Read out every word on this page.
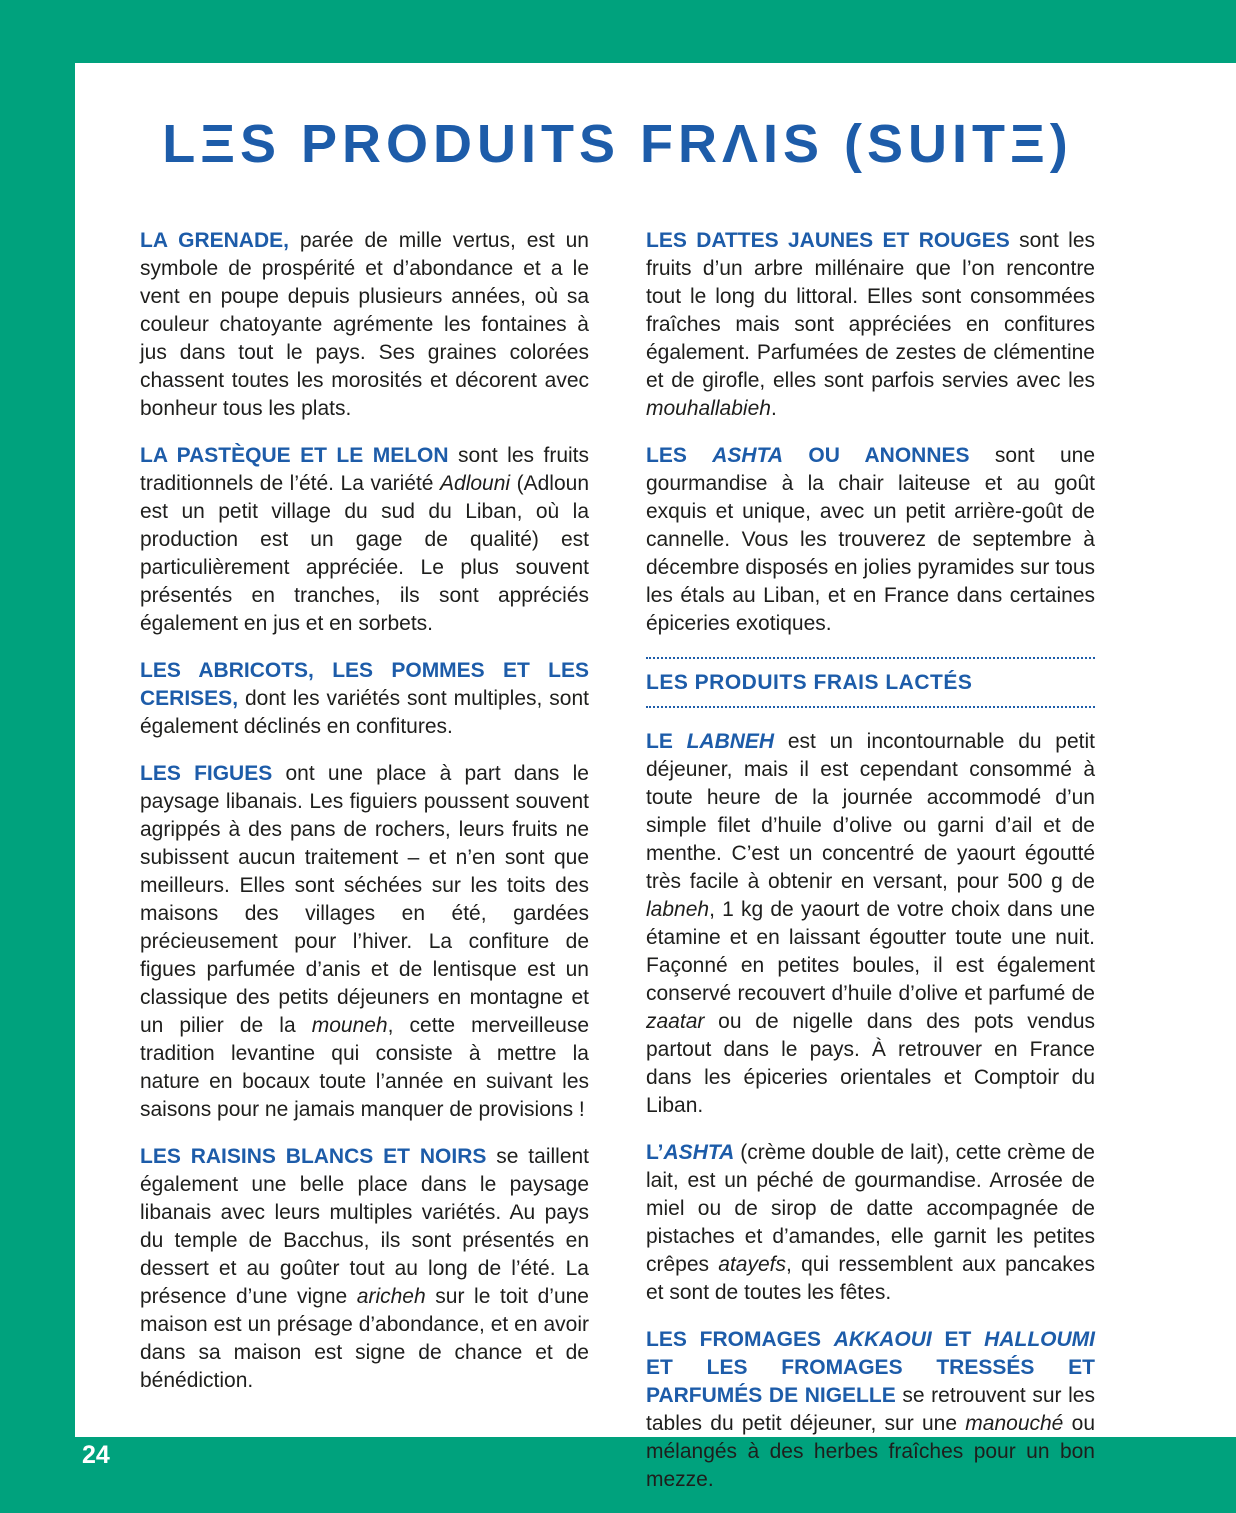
LΞS PRODUITS FRΛIS (SUITΞ)

LA GRENADE, parée de mille vertus, est un symbole de prospérité et d’abondance et a le vent en poupe depuis plusieurs années, où sa couleur chatoyante agrémente les fontaines à jus dans tout le pays. Ses graines colorées chassent toutes les morosités et décorent avec bonheur tous les plats.

LA PASTÈQUE ET LE MELON sont les fruits traditionnels de l’été. La variété Adlouni (Adloun est un petit village du sud du Liban, où la production est un gage de qualité) est particulièrement appréciée. Le plus souvent présentés en tranches, ils sont appréciés également en jus et en sorbets.

LES ABRICOTS, LES POMMES ET LES CERISES, dont les variétés sont multiples, sont également déclinés en confitures.

LES FIGUES ont une place à part dans le paysage libanais. Les figuiers poussent souvent agrippés à des pans de rochers, leurs fruits ne subissent aucun traitement – et n’en sont que meilleurs. Elles sont séchées sur les toits des maisons des villages en été, gardées précieusement pour l’hiver. La confiture de figues parfumée d’anis et de lentisque est un classique des petits déjeuners en montagne et un pilier de la mouneh, cette merveilleuse tradition levantine qui consiste à mettre la nature en bocaux toute l’année en suivant les saisons pour ne jamais manquer de provisions !

LES RAISINS BLANCS ET NOIRS se taillent également une belle place dans le paysage libanais avec leurs multiples variétés. Au pays du temple de Bacchus, ils sont présentés en dessert et au goûter tout au long de l’été. La présence d’une vigne aricheh sur le toit d’une maison est un présage d’abondance, et en avoir dans sa maison est signe de chance et de bénédiction.

LES DATTES JAUNES ET ROUGES sont les fruits d’un arbre millénaire que l’on rencontre tout le long du littoral. Elles sont consommées fraîches mais sont appréciées en confitures également. Parfumées de zestes de clémentine et de girofle, elles sont parfois servies avec les mouhallabieh.

LES ASHTA OU ANONNES sont une gourmandise à la chair laiteuse et au goût exquis et unique, avec un petit arrière-goût de cannelle. Vous les trouverez de septembre à décembre disposés en jolies pyramides sur tous les étals au Liban, et en France dans certaines épiceries exotiques.

LES PRODUITS FRAIS LACTÉS

LE LABNEH est un incontournable du petit déjeuner, mais il est cependant consommé à toute heure de la journée accommodé d’un simple filet d’huile d’olive ou garni d’ail et de menthe. C’est un concentré de yaourt égoutté très facile à obtenir en versant, pour 500 g de labneh, 1 kg de yaourt de votre choix dans une étamine et en laissant égoutter toute une nuit. Façonné en petites boules, il est également conservé recouvert d’huile d’olive et parfumé de zaatar ou de nigelle dans des pots vendus partout dans le pays. À retrouver en France dans les épiceries orientales et Comptoir du Liban.

L’ASHTA (crème double de lait), cette crème de lait, est un péché de gourmandise. Arrosée de miel ou de sirop de datte accompagnée de pistaches et d’amandes, elle garnit les petites crêpes atayefs, qui ressemblent aux pancakes et sont de toutes les fêtes.

LES FROMAGES AKKAOUI ET HALLOUMI ET LES FROMAGES TRESSÉS ET PARFUMÉS DE NIGELLE se retrouvent sur les tables du petit déjeuner, sur une manouché ou mélangés à des herbes fraîches pour un bon mezze.

24
